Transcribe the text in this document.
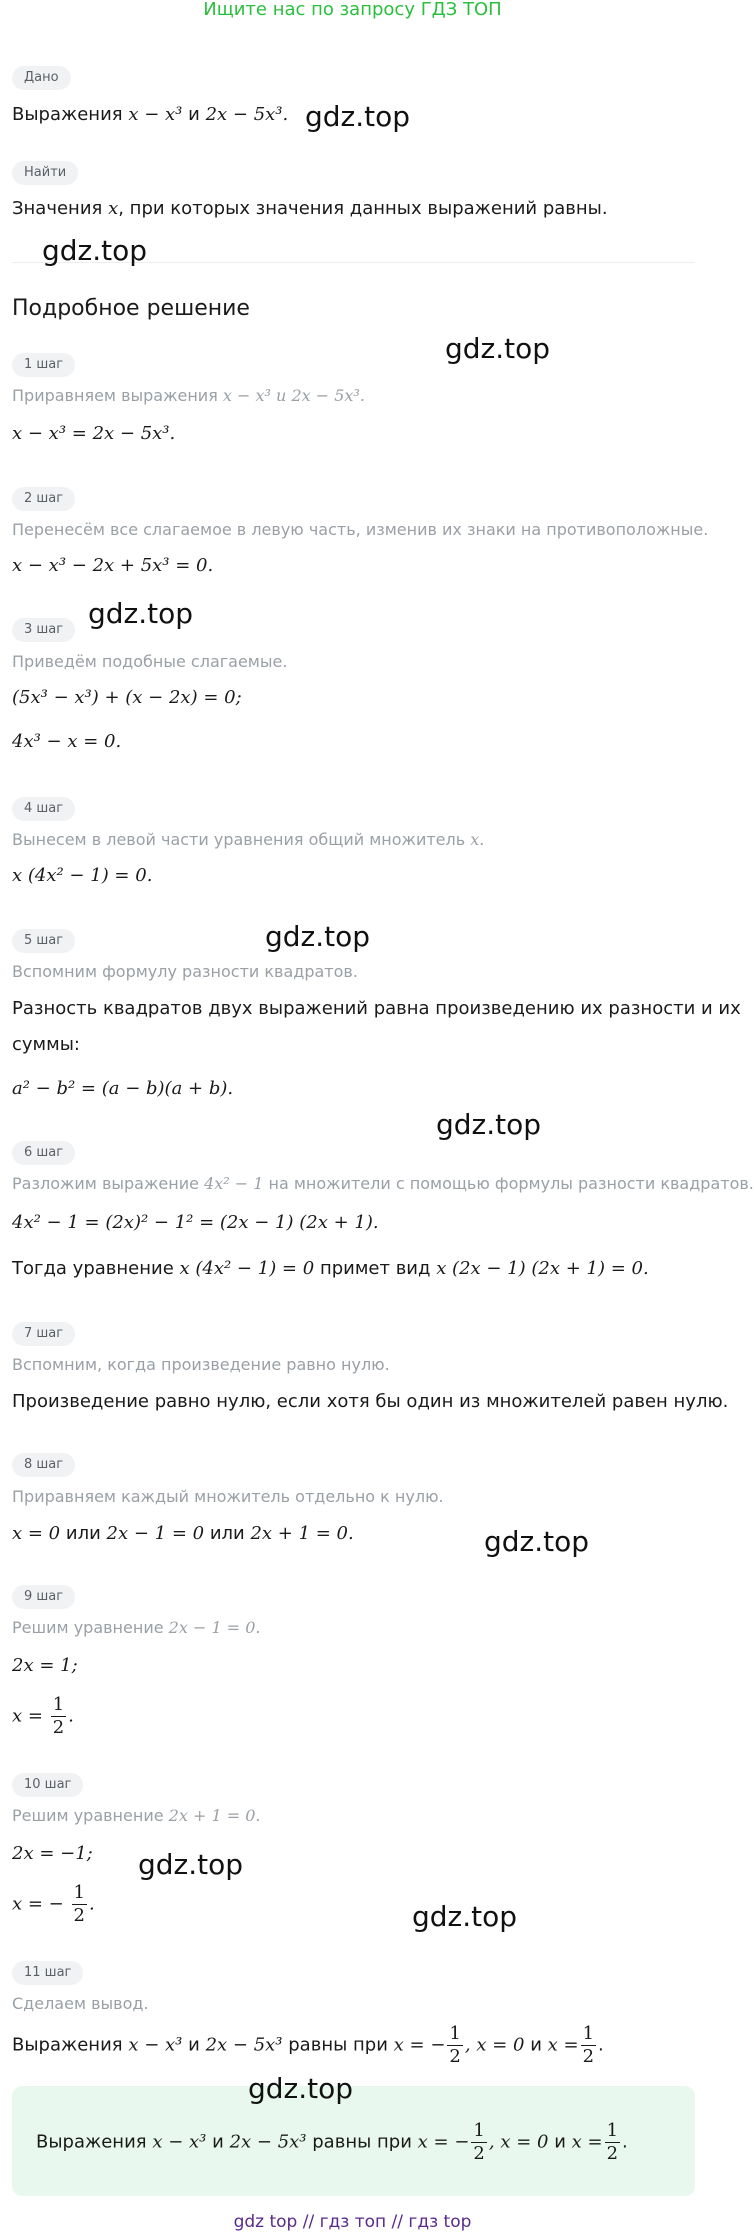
Ищите нас по запросу ГДЗ ТОП
Дано
Выражения x − x³ и 2x − 5x³.
Найти
Значения x, при которых значения данных выражений равны.
Подробное решение
1 шаг
Приравняем выражения x − x³ и 2x − 5x³.
x − x³ = 2x − 5x³.
2 шаг
Перенесём все слагаемое в левую часть, изменив их знаки на противоположные.
x − x³ − 2x + 5x³ = 0.
3 шаг
Приведём подобные слагаемые.
(5x³ − x³) + (x − 2x) = 0;
4x³ − x = 0.
4 шаг
Вынесем в левой части уравнения общий множитель x.
x (4x² − 1) = 0.
5 шаг
Вспомним формулу разности квадратов.
Разность квадратов двух выражений равна произведению их разности и их
суммы:
a² − b² = (a − b)(a + b).
6 шаг
Разложим выражение 4x² − 1 на множители с помощью формулы разности квадратов.
4x² − 1 = (2x)² − 1² = (2x − 1) (2x + 1).
Тогда уравнение x (4x² − 1) = 0 примет вид x (2x − 1) (2x + 1) = 0.
7 шаг
Вспомним, когда произведение равно нулю.
Произведение равно нулю, если хотя бы один из множителей равен нулю.
8 шаг
Приравняем каждый множитель отдельно к нулю.
x = 0 или 2x − 1 = 0 или 2x + 1 = 0.
9 шаг
Решим уравнение 2x − 1 = 0.
2x = 1;
$x = \frac{1}{2}$ .
10 шаг
Решим уравнение 2x + 1 = 0.
2x = −1;
x = − $\frac{1}{2}$ .
11 шаг
Сделаем вывод.
Выражения x − x³ и 2x − 5x³ равны при x = − $\frac{1}{2}$ , x = 0 и $x = \frac{1}{2}$ .
Выражения x − x³ и 2x − 5x³ равны при x = − $\frac{1}{2}$ , x = 0 и $x = \frac{1}{2}$ .
gdz.top
gdz.top
gdz.top
gdz.top
gdz.top
gdz.top
gdz.top
gdz.top
gdz.top
gdz.top
gdz top // гдз топ // гдз top
